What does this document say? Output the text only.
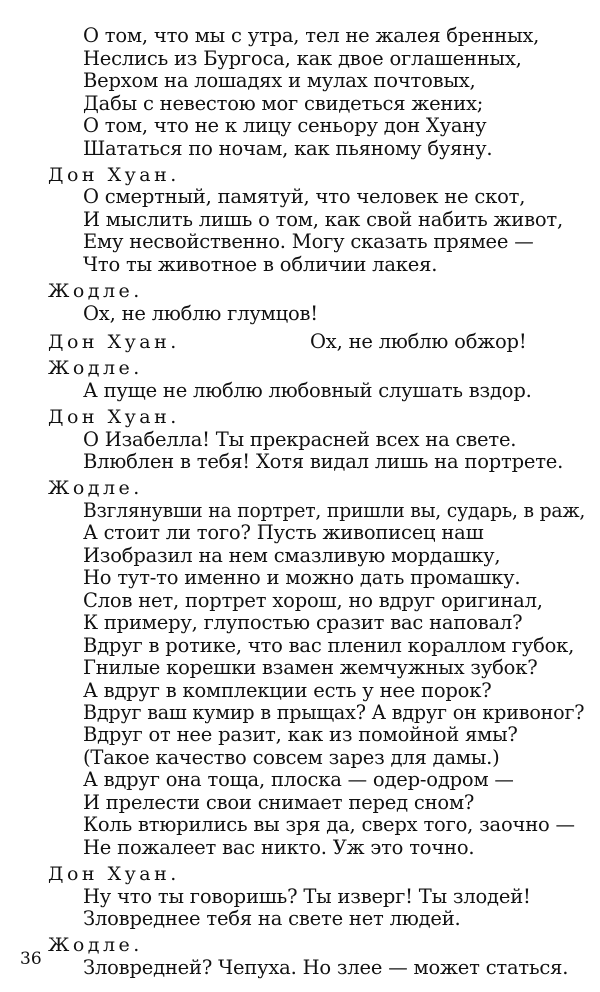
О том, что мы с утра, тел не жалея бренных,
Неслись из Бургоса, как двое оглашенных,
Верхом на лошадях и мулах почтовых,
Дабы с невестою мог свидеться жених;
О том, что не к лицу сеньору дон Хуану
Шататься по ночам, как пьяному буяну.
Дон Хуан.
О смертный, памятуй, что человек не скот,
И мыслить лишь о том, как свой набить живот,
Ему несвойственно. Могу сказать прямее —
Что ты животное в обличии лакея.
Жодле.
Ох, не люблю глумцов!
Дон Хуан.	Ох, не люблю обжор!
Жодле.
А пуще не люблю любовный слушать вздор.
Дон Хуан.
О Изабелла! Ты прекрасней всех на свете.
Влюблен в тебя! Хотя видал лишь на портрете.
Жодле.
Взглянувши на портрет, пришли вы, сударь, в раж,
А стоит ли того? Пусть живописец наш
Изобразил на нем смазливую мордашку,
Но тут-то именно и можно дать промашку.
Слов нет, портрет хорош, но вдруг оригинал,
К примеру, глупостью сразит вас наповал?
Вдруг в ротике, что вас пленил кораллом губок,
Гнилые корешки взамен жемчужных зубок?
А вдруг в комплекции есть у нее порок?
Вдруг ваш кумир в прыщах? А вдруг он кривоног?
Вдруг от нее разит, как из помойной ямы?
(Такое качество совсем зарез для дамы.)
А вдруг она тоща, плоска — одер-одром —
И прелести свои снимает перед сном?
Коль втюрились вы зря да, сверх того, заочно —
Не пожалеет вас никто. Уж это точно.
Дон Хуан.
Ну что ты говоришь? Ты изверг! Ты злодей!
Зловреднее тебя на свете нет людей.
Жодле.
Зловредней? Чепуха. Но злее — может статься.
36
